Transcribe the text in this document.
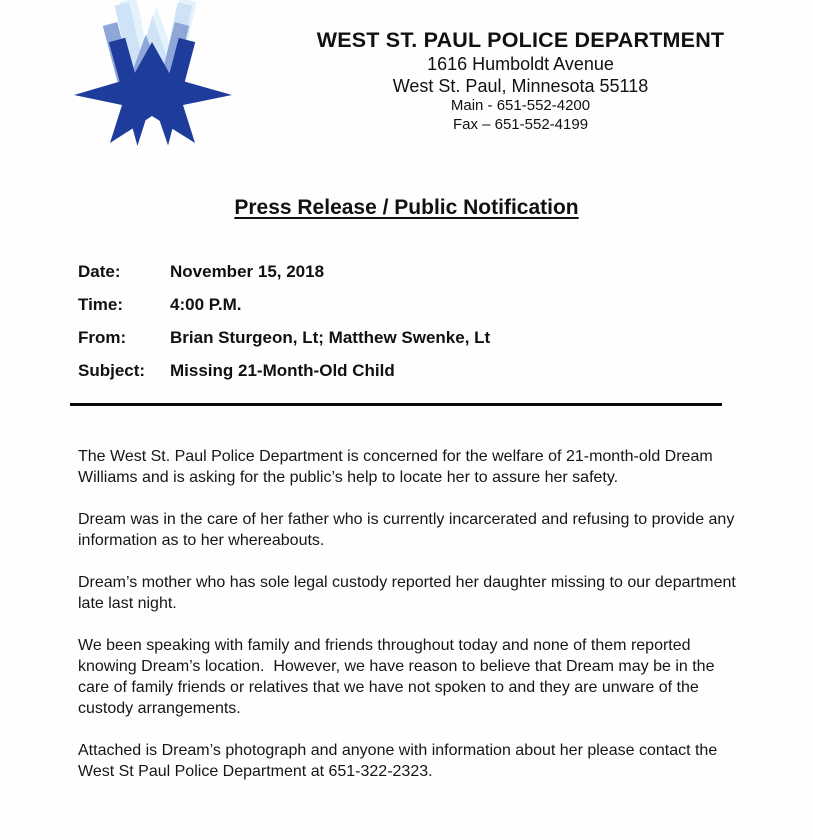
WEST ST. PAUL POLICE DEPARTMENT
1616 Humboldt Avenue
West St. Paul, Minnesota 55118
Main - 651-552-4200
Fax – 651-552-4199
Press Release / Public Notification
Date:	November 15, 2018
Time:	4:00 P.M.
From:	Brian Sturgeon, Lt; Matthew Swenke, Lt
Subject: Missing 21-Month-Old Child

The West St. Paul Police Department is concerned for the welfare of 21-month-old Dream Williams and is asking for the public’s help to locate her to assure her safety.

Dream was in the care of her father who is currently incarcerated and refusing to provide any information as to her whereabouts.

Dream’s mother who has sole legal custody reported her daughter missing to our department late last night.

We been speaking with family and friends throughout today and none of them reported knowing Dream’s location.  However, we have reason to believe that Dream may be in the care of family friends or relatives that we have not spoken to and they are unware of the custody arrangements.

Attached is Dream’s photograph and anyone with information about her please contact the West St Paul Police Department at 651-322-2323.
